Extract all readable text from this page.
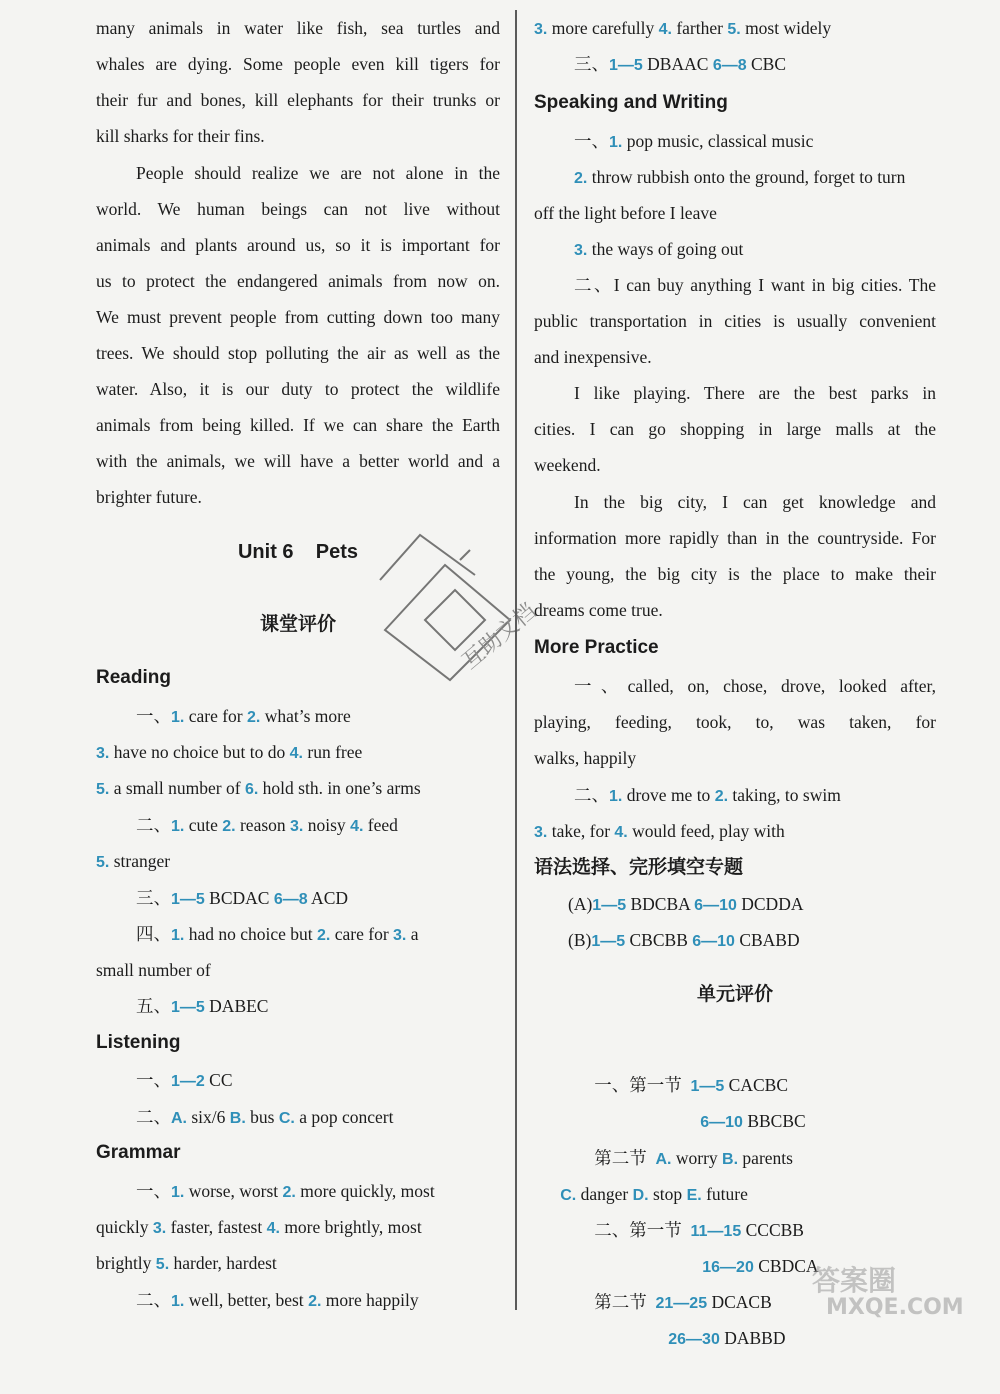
many animals in water like fish, sea turtles and
whales are dying. Some people even kill tigers for
their fur and bones, kill elephants for their trunks or
kill sharks for their fins.
People should realize we are not alone in the
world. We human beings can not live without
animals and plants around us, so it is important for
us to protect the endangered animals from now on.
We must prevent people from cutting down too many
trees. We should stop polluting the air as well as the
water. Also, it is our duty to protect the wildlife
animals from being killed. If we can share the Earth
with the animals, we will have a better world and a
brighter future.
Unit 6    Pets
课堂评价
Reading
一、1. care for 2. what’s more
3. have no choice but to do 4. run free
5. a small number of 6. hold sth. in one’s arms
二、1. cute 2. reason 3. noisy 4. feed
5. stranger
三、1—5 BCDAC 6—8 ACD
四、1. had no choice but 2. care for 3. a
small number of
五、1—5 DABEC
Listening
一、1—2 CC
二、A. six/6 B. bus C. a pop concert
Grammar
一、1. worse, worst 2. more quickly, most
quickly 3. faster, fastest 4. more brightly, most
brightly 5. harder, hardest
二、1. well, better, best 2. more happily
3. more carefully 4. farther 5. most widely
三、1—5 DBAAC 6—8 CBC
Speaking and Writing
一、1. pop music, classical music
2. throw rubbish onto the ground, forget to turn
off the light before I leave
3. the ways of going out
二、I can buy anything I want in big cities. The
public transportation in cities is usually convenient
and inexpensive.
I like playing. There are the best parks in
cities. I can go shopping in large malls at the
weekend.
In the big city, I can get knowledge and
information more rapidly than in the countryside. For
the young, the big city is the place to make their
dreams come true.
More Practice
一、called, on, chose, drove, looked after,
playing, feeding, took, to, was taken, for
walks, happily
二、1. drove me to 2. taking, to swim
3. take, for 4. would feed, play with
语法选择、完形填空专题
(A)1—5 BDCBA 6—10 DCDDA
(B)1—5 CBCBB 6—10 CBABD
单元评价

一、第一节  1—5 CACBC

6—10 BBCBC

第二节  A. worry B. parents

C. danger D. stop E. future

二、第一节  11—15 CCCBB

16—20 CBDCA

第二节  21—25 DCACB

26—30 DABBD

互助文档
答案圈
MXQE.COM
